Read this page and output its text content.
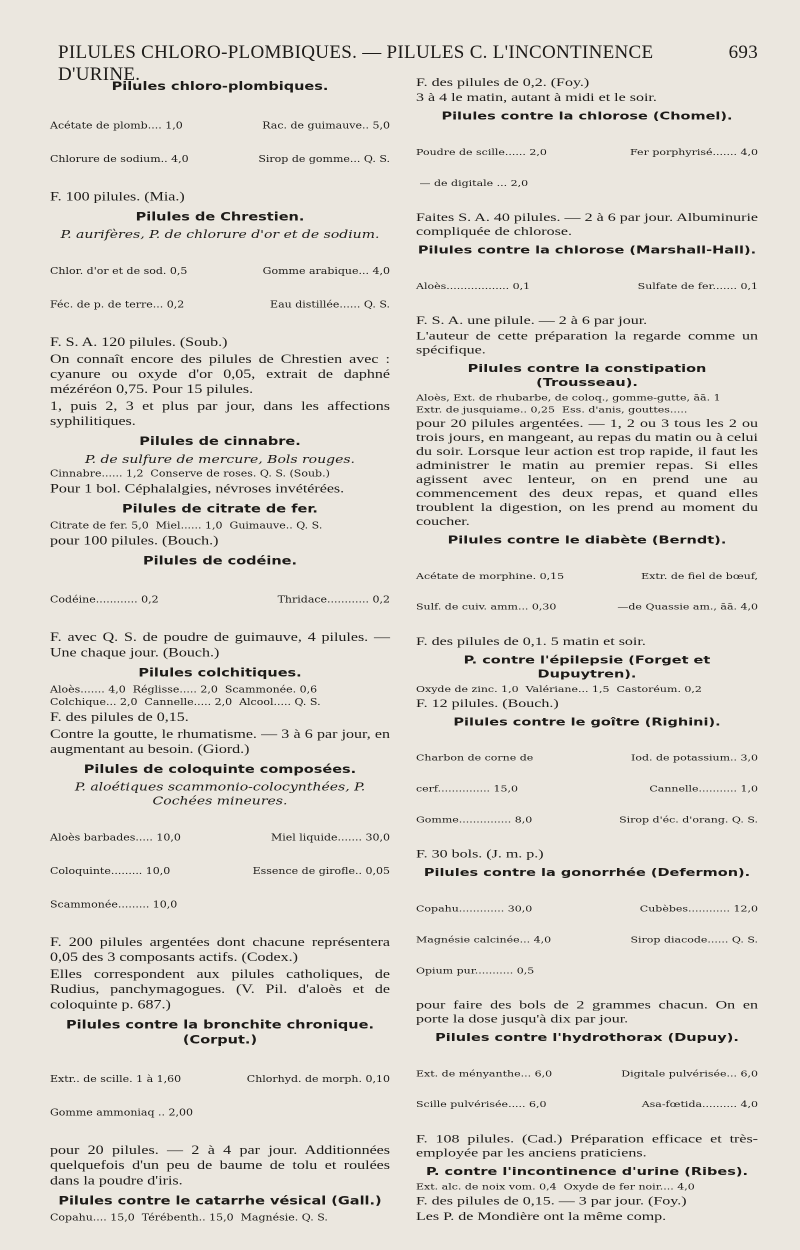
PILULES CHLORO-PLOMBIQUES. — PILULES C. L'INCONTINENCE D'URINE.
693
Pilules chloro-plombiques.

Acétate de plomb.... 1,0	Rac. de guimauve.. 5,0

Chlorure de sodium.. 4,0	Sirop de gomme... Q. S.

F. 100 pilules. (Mia.)
Pilules de Chrestien.
P. aurifères, P. de chlorure d'or et de sodium.

Chlor. d'or et de sod. 0,5	Gomme arabique... 4,0

Féc. de p. de terre... 0,2	Eau distillée...... Q. S.

F. S. A. 120 pilules. (Soub.)
On connaît encore des pilules de Chrestien avec : cyanure ou oxyde d'or 0,05, extrait de daphné mézéréon 0,75. Pour 15 pilules.
1, puis 2, 3 et plus par jour, dans les affections syphilitiques.
Pilules de cinnabre.
P. de sulfure de mercure, Bols rouges.
Cinnabre...... 1,2  Conserve de roses. Q. S. (Soub.)
Pour 1 bol. Céphalalgies, névroses invétérées.
Pilules de citrate de fer.
Citrate de fer. 5,0  Miel...... 1,0  Guimauve.. Q. S.
pour 100 pilules. (Bouch.)
Pilules de codéine.

Codéine............ 0,2	Thridace............ 0,2

F. avec Q. S. de poudre de guimauve, 4 pilules. — Une chaque jour. (Bouch.)
Pilules colchitiques.
Aloès....... 4,0  Réglisse..... 2,0  Scammonée. 0,6
Colchique... 2,0  Cannelle..... 2,0  Alcool..... Q. S.
F. des pilules de 0,15.
Contre la goutte, le rhumatisme. — 3 à 6 par jour, en augmentant au besoin. (Giord.)
Pilules de coloquinte composées.
P. aloétiques scammonio-colocynthées, P. Cochées mineures.

Aloès barbades..... 10,0	Miel liquide....... 30,0

Coloquinte......... 10,0	Essence de girofle.. 0,05

Scammonée......... 10,0

F. 200 pilules argentées dont chacune représentera 0,05 des 3 composants actifs. (Codex.)
Elles correspondent aux pilules catholiques, de Rudius, panchymagogues. (V. Pil. d'aloès et de coloquinte p. 687.)
Pilules contre la bronchite chronique. (Corput.)

Extr.. de scille. 1 à 1,60	Chlorhyd. de morph. 0,10

Gomme ammoniaq .. 2,00

pour 20 pilules. — 2 à 4 par jour. Additionnées quelquefois d'un peu de baume de tolu et roulées dans la poudre d'iris.
Pilules contre le catarrhe vésical (Gall.)
Copahu.... 15,0  Térébenth.. 15,0  Magnésie. Q. S.
F. des pilules de 0,2. (Foy.)
3 à 4 le matin, autant à midi et le soir.
Pilules contre la chlorose (Chomel).

Poudre de scille...... 2,0	Fer porphyrisé....... 4,0

— de digitale ... 2,0

Faites S. A. 40 pilules. — 2 à 6 par jour. Albuminurie compliquée de chlorose.
Pilules contre la chlorose (Marshall-Hall).

Aloès.................. 0,1	Sulfate de fer....... 0,1

F. S. A. une pilule. — 2 à 6 par jour.
L'auteur de cette préparation la regarde comme un spécifique.
Pilules contre la constipation (Trousseau).
Aloès, Ext. de rhubarbe, de coloq., gomme-gutte, āā. 1
Extr. de jusquiame.. 0,25  Ess. d'anis, gouttes.....
pour 20 pilules argentées. — 1, 2 ou 3 tous les 2 ou trois jours, en mangeant, au repas du matin ou à celui du soir. Lorsque leur action est trop rapide, il faut les administrer le matin au premier repas. Si elles agissent avec lenteur, on en prend une au commencement des deux repas, et quand elles troublent la digestion, on les prend au moment du coucher.
Pilules contre le diabète (Berndt).

Acétate de morphine. 0,15	Extr. de fiel de bœuf,

Sulf. de cuiv. amm... 0,30	—de Quassie am., āā. 4,0

F. des pilules de 0,1. 5 matin et soir.
P. contre l'épilepsie (Forget et Dupuytren).
Oxyde de zinc. 1,0  Valériane... 1,5  Castoréum. 0,2
F. 12 pilules. (Bouch.)
Pilules contre le goître (Righini).

Charbon de corne de	Iod. de potassium.. 3,0

cerf............... 15,0	Cannelle........... 1,0

Gomme............... 8,0	Sirop d'éc. d'orang. Q. S.

F. 30 bols. (J. m. p.)
Pilules contre la gonorrhée (Defermon).

Copahu............. 30,0	Cubèbes............ 12,0

Magnésie calcinée... 4,0	Sirop diacode...... Q. S.

Opium pur........... 0,5

pour faire des bols de 2 grammes chacun. On en porte la dose jusqu'à dix par jour.
Pilules contre l'hydrothorax (Dupuy).

Ext. de ményanthe... 6,0	Digitale pulvérisée... 6,0

Scille pulvérisée..... 6,0	Asa-fœtida.......... 4,0

F. 108 pilules. (Cad.) Préparation efficace et très-employée par les anciens praticiens.
P. contre l'incontinence d'urine (Ribes).
Ext. alc. de noix vom. 0,4  Oxyde de fer noir.... 4,0
F. des pilules de 0,15. — 3 par jour. (Foy.)
Les P. de Mondière ont la même comp.
